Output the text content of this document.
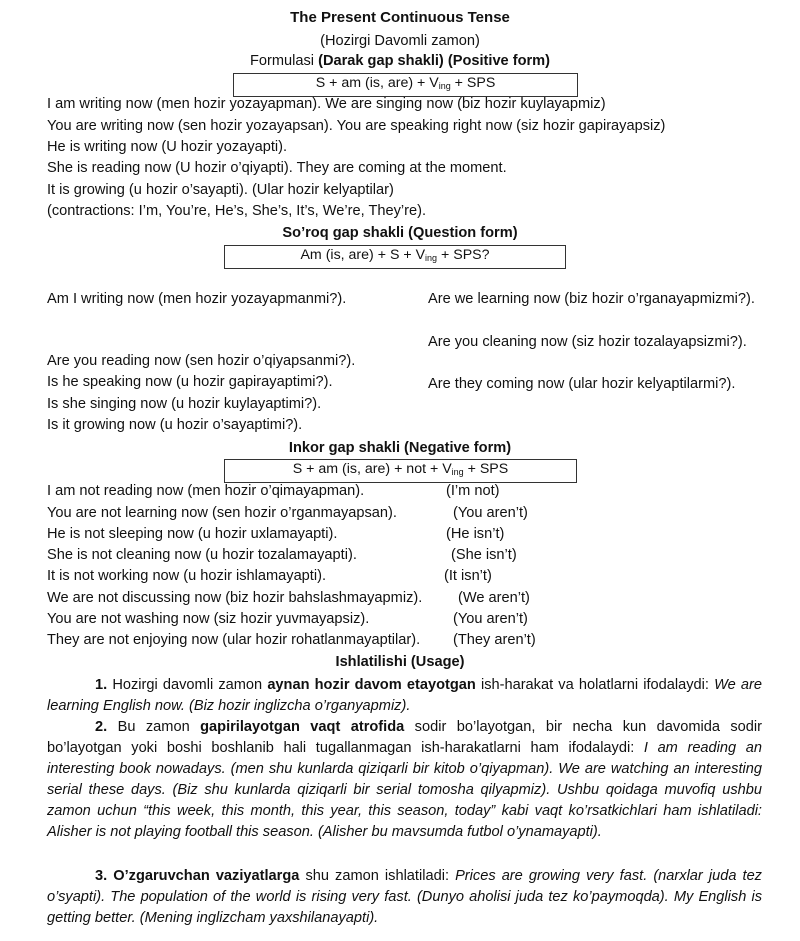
The Present Continuous Tense
(Hozirgi Davomli zamon)
Formulasi (Darak gap shakli) (Positive form)
S + am (is, $are) + V_{ing}$ + SPS
I am writing now (men hozir yozayapman). We are singing now (biz hozir kuylayapmiz)
You are writing now (sen hozir yozayapsan). You are speaking right now (siz hozir gapirayapsiz)
He is writing now (U hozir yozayapti).
She is reading now (U hozir o’qiyapti). They are coming at the moment.
It is growing (u hozir o’sayapti). (Ular hozir kelyaptilar)
(contractions: I’m, You’re, He’s, She’s, It’s, We’re, They’re).
So’roq gap shakli (Question form)
Am (is, $are) + S + V_{ing}$ + SPS?
Am I writing now (men hozir yozayapmanmi?).
Are you reading now (sen hozir o’qiyapsanmi?).
Is he speaking now (u hozir gapirayaptimi?).
Is she singing now (u hozir kuylayaptimi?).
Is it growing now (u hozir o’sayaptimi?).
Are we learning now (biz hozir o’rganayapmizmi?).
Are you cleaning now (siz hozir tozalayapsizmi?).
Are they coming now (ular hozir kelyaptilarmi?).
Inkor gap shakli (Negative form)
S + am (is, are) + not + $V_{ing}$ + SPS
I am not reading now (men hozir o’qimayapman).	(I’m not)
You are not learning now (sen hozir o’rganmayapsan).	(You aren’t)
He is not sleeping now (u hozir uxlamayapti).	(He isn’t)
She is not cleaning now (u hozir tozalamayapti).	(She isn’t)
It is not working now (u hozir ishlamayapti).	(It isn’t)
We are not discussing now (biz hozir bahslashmayapmiz). (We aren’t)
You are not washing now (siz hozir yuvmayapsiz).	(You aren’t)
They are not enjoying now (ular hozir rohatlanmayaptilar). (They aren’t)
Ishlatilishi (Usage)
1. Hozirgi davomli zamon aynan hozir davom etayotgan ish-harakat va holatlarni ifodalaydi: We are learning English now. (Biz hozir inglizcha o’rganyapmiz).
2. Bu zamon gapirilayotgan vaqt atrofida sodir bo’layotgan, bir necha kun davomida sodir bo’layotgan yoki boshi boshlanib hali tugallanmagan ish-harakatlarni ham ifodalaydi: I am reading an interesting book nowadays. (men shu kunlarda qiziqarli bir kitob o’qiyapman). We are watching an interesting serial these days. (Biz shu kunlarda qiziqarli bir serial tomosha qilyapmiz). Ushbu qoidaga muvofiq ushbu zamon uchun “this week, this month, this year, this season, today” kabi vaqt ko’rsatkichlari ham ishlatiladi: Alisher is not playing football this season. (Alisher bu mavsumda futbol o’ynamayapti).
3. O’zgaruvchan vaziyatlarga shu zamon ishlatiladi: Prices are growing very fast. (narxlar juda tez o’syapti). The population of the world is rising very fast. (Dunyo aholisi juda tez ko’paymoqda). My English is getting better. (Mening inglizcham yaxshilanayapti).
